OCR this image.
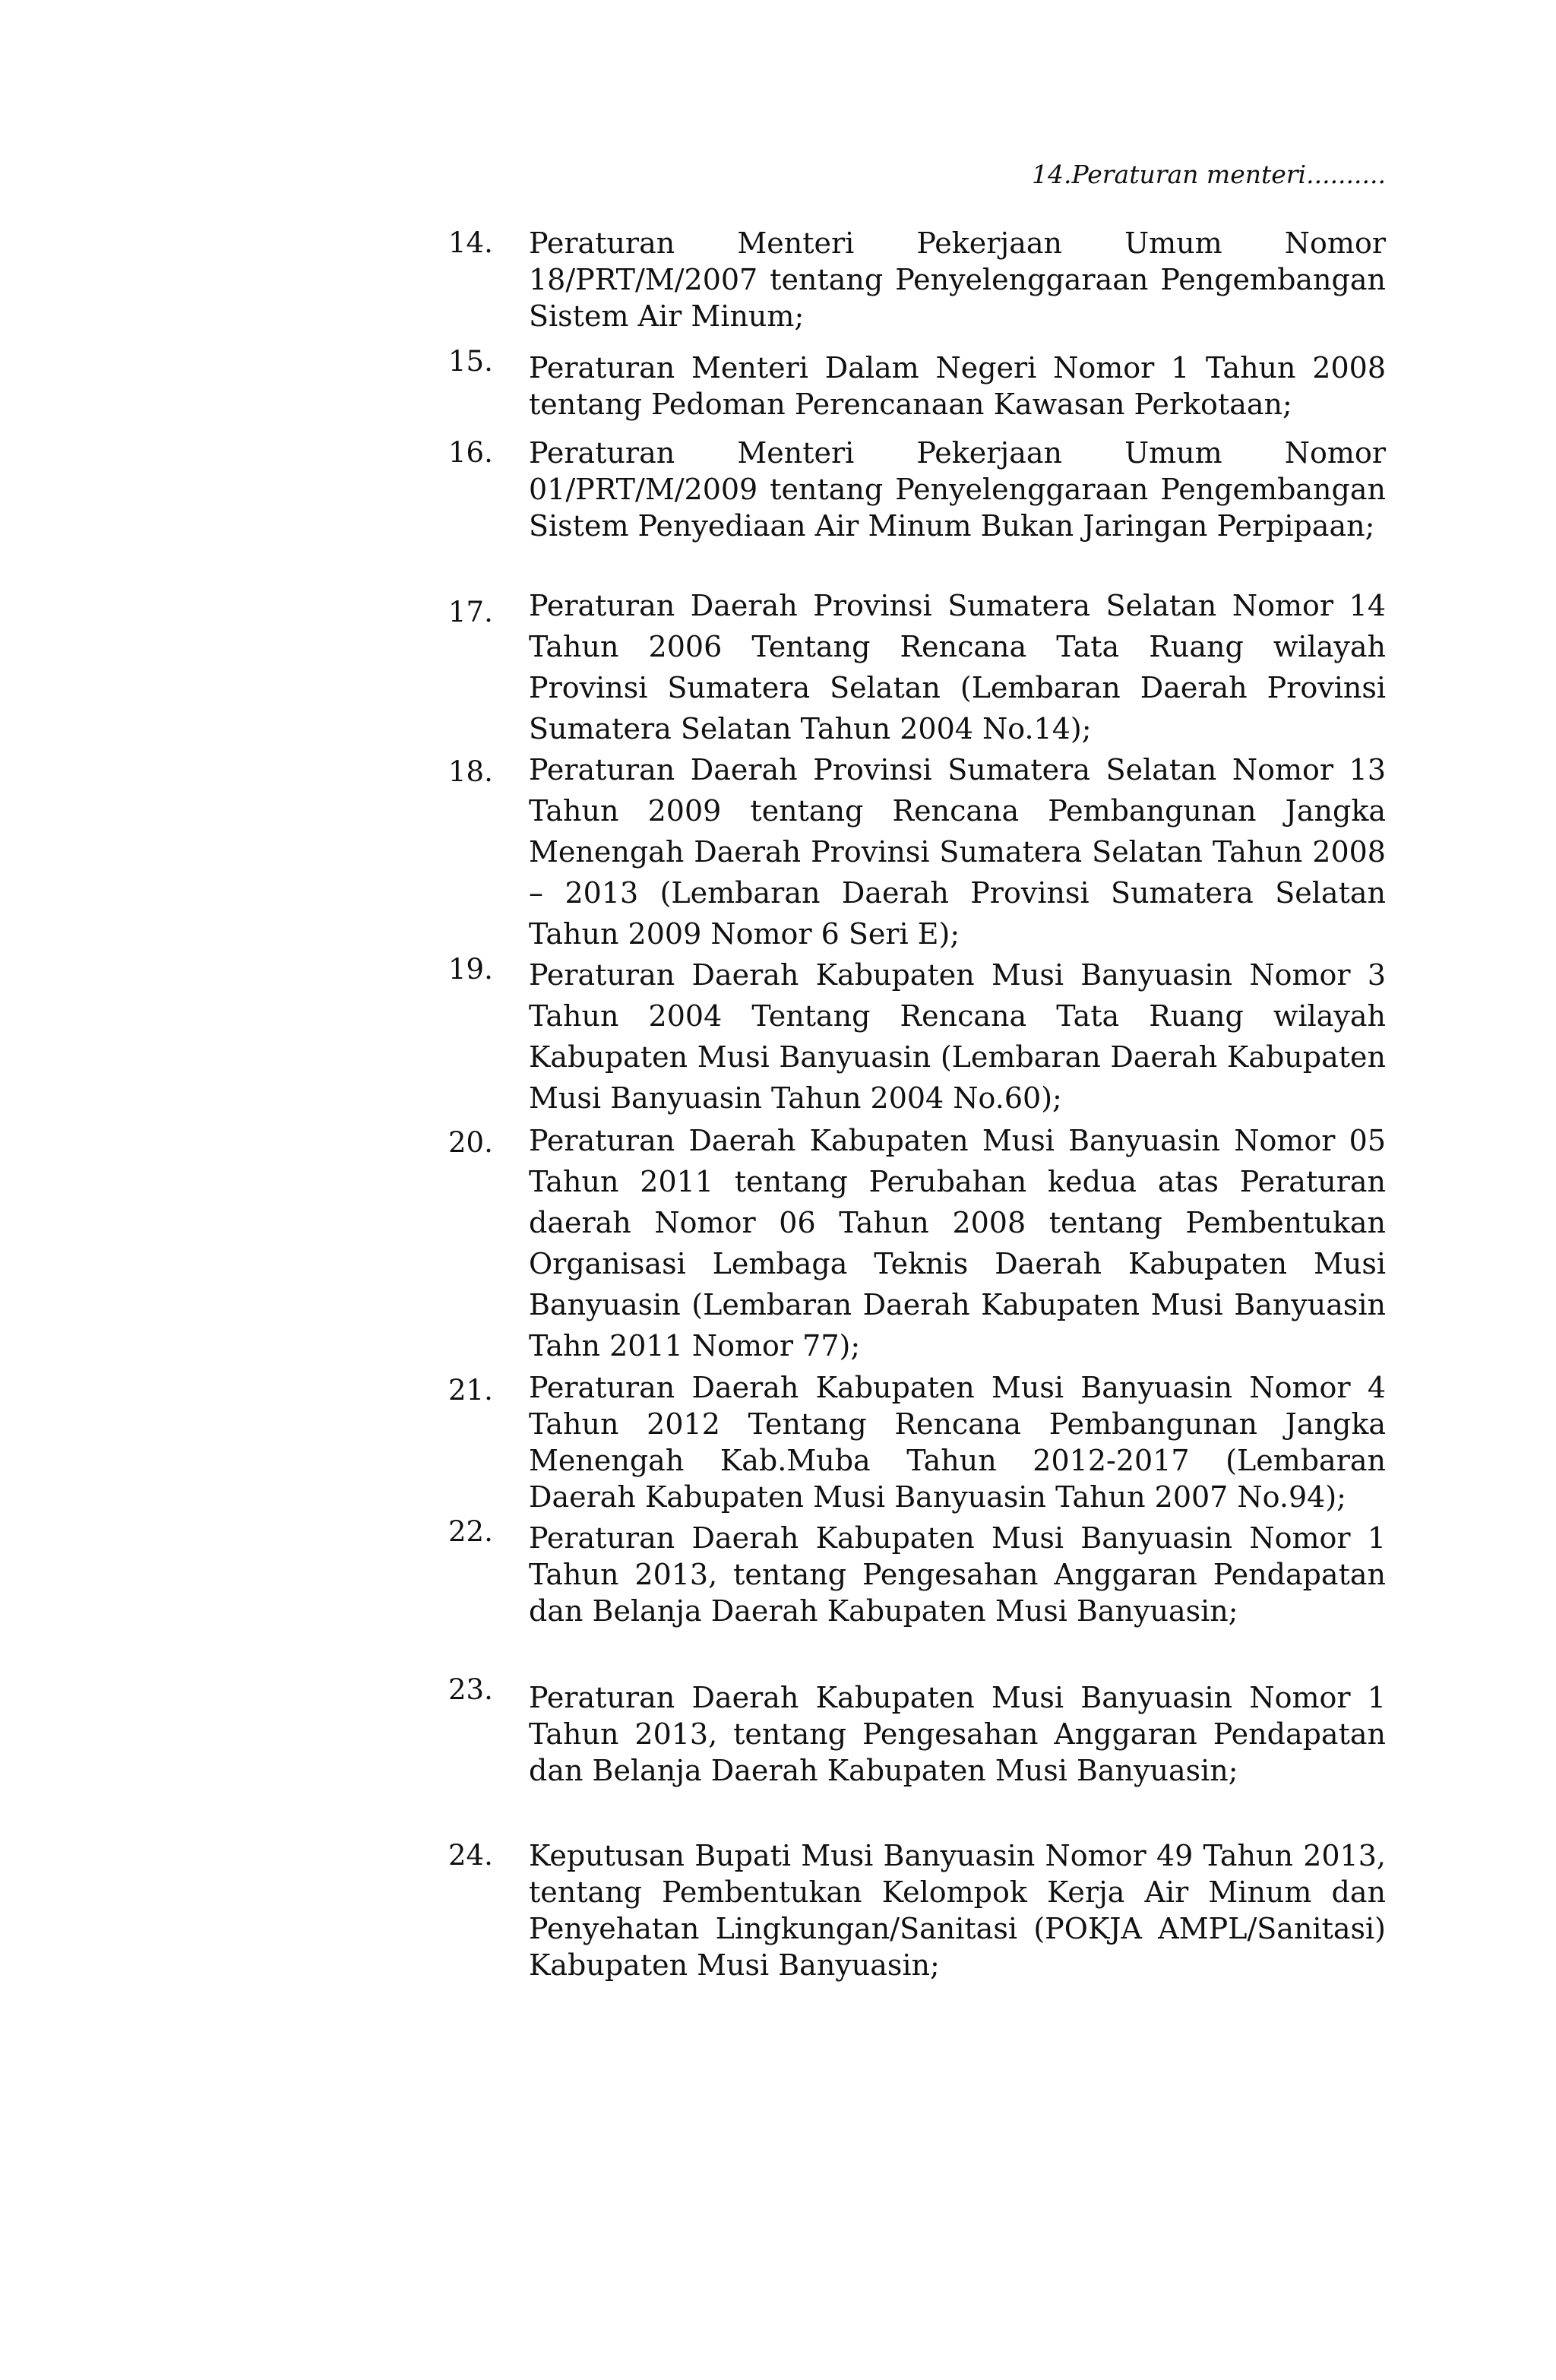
14.Peraturan menteri..........
14.	Peraturan Menteri Pekerjaan Umum Nomor 18/PRT/M/2007 tentang Penyelenggaraan Pengembangan Sistem Air Minum;
15.	Peraturan Menteri Dalam Negeri Nomor 1 Tahun 2008 tentang Pedoman Perencanaan Kawasan Perkotaan;
16.	Peraturan Menteri Pekerjaan Umum Nomor 01/PRT/M/2009 tentang Penyelenggaraan Pengembangan Sistem Penyediaan Air Minum Bukan Jaringan Perpipaan;
17.	Peraturan Daerah Provinsi Sumatera Selatan Nomor 14 Tahun 2006 Tentang Rencana Tata Ruang wilayah Provinsi Sumatera Selatan (Lembaran Daerah Provinsi Sumatera Selatan Tahun 2004 No.14);
18.	Peraturan Daerah Provinsi Sumatera Selatan Nomor 13 Tahun 2009 tentang Rencana Pembangunan Jangka Menengah Daerah Provinsi Sumatera Selatan Tahun 2008 – 2013 (Lembaran Daerah Provinsi Sumatera Selatan Tahun 2009 Nomor 6 Seri E);
19.	Peraturan Daerah Kabupaten Musi Banyuasin Nomor 3 Tahun 2004 Tentang Rencana Tata Ruang wilayah Kabupaten Musi Banyuasin (Lembaran Daerah Kabupaten Musi Banyuasin Tahun 2004 No.60);
20.	Peraturan Daerah Kabupaten Musi Banyuasin Nomor 05 Tahun 2011 tentang Perubahan kedua atas Peraturan daerah Nomor 06 Tahun 2008 tentang Pembentukan Organisasi Lembaga Teknis Daerah Kabupaten Musi Banyuasin (Lembaran Daerah Kabupaten Musi Banyuasin Tahn 2011 Nomor 77);
21.	Peraturan Daerah Kabupaten Musi Banyuasin Nomor 4 Tahun 2012 Tentang Rencana Pembangunan Jangka Menengah Kab.Muba Tahun 2012-2017 (Lembaran Daerah Kabupaten Musi Banyuasin Tahun 2007 No.94);
22.	Peraturan Daerah Kabupaten Musi Banyuasin Nomor 1 Tahun 2013, tentang Pengesahan Anggaran Pendapatan dan Belanja Daerah Kabupaten Musi Banyuasin;
23.	Peraturan Daerah Kabupaten Musi Banyuasin Nomor 1 Tahun 2013, tentang Pengesahan Anggaran Pendapatan dan Belanja Daerah Kabupaten Musi Banyuasin;
24.	Keputusan Bupati Musi Banyuasin Nomor 49 Tahun 2013, tentang Pembentukan Kelompok Kerja Air Minum dan Penyehatan Lingkungan/Sanitasi (POKJA AMPL/Sanitasi) Kabupaten Musi Banyuasin;
